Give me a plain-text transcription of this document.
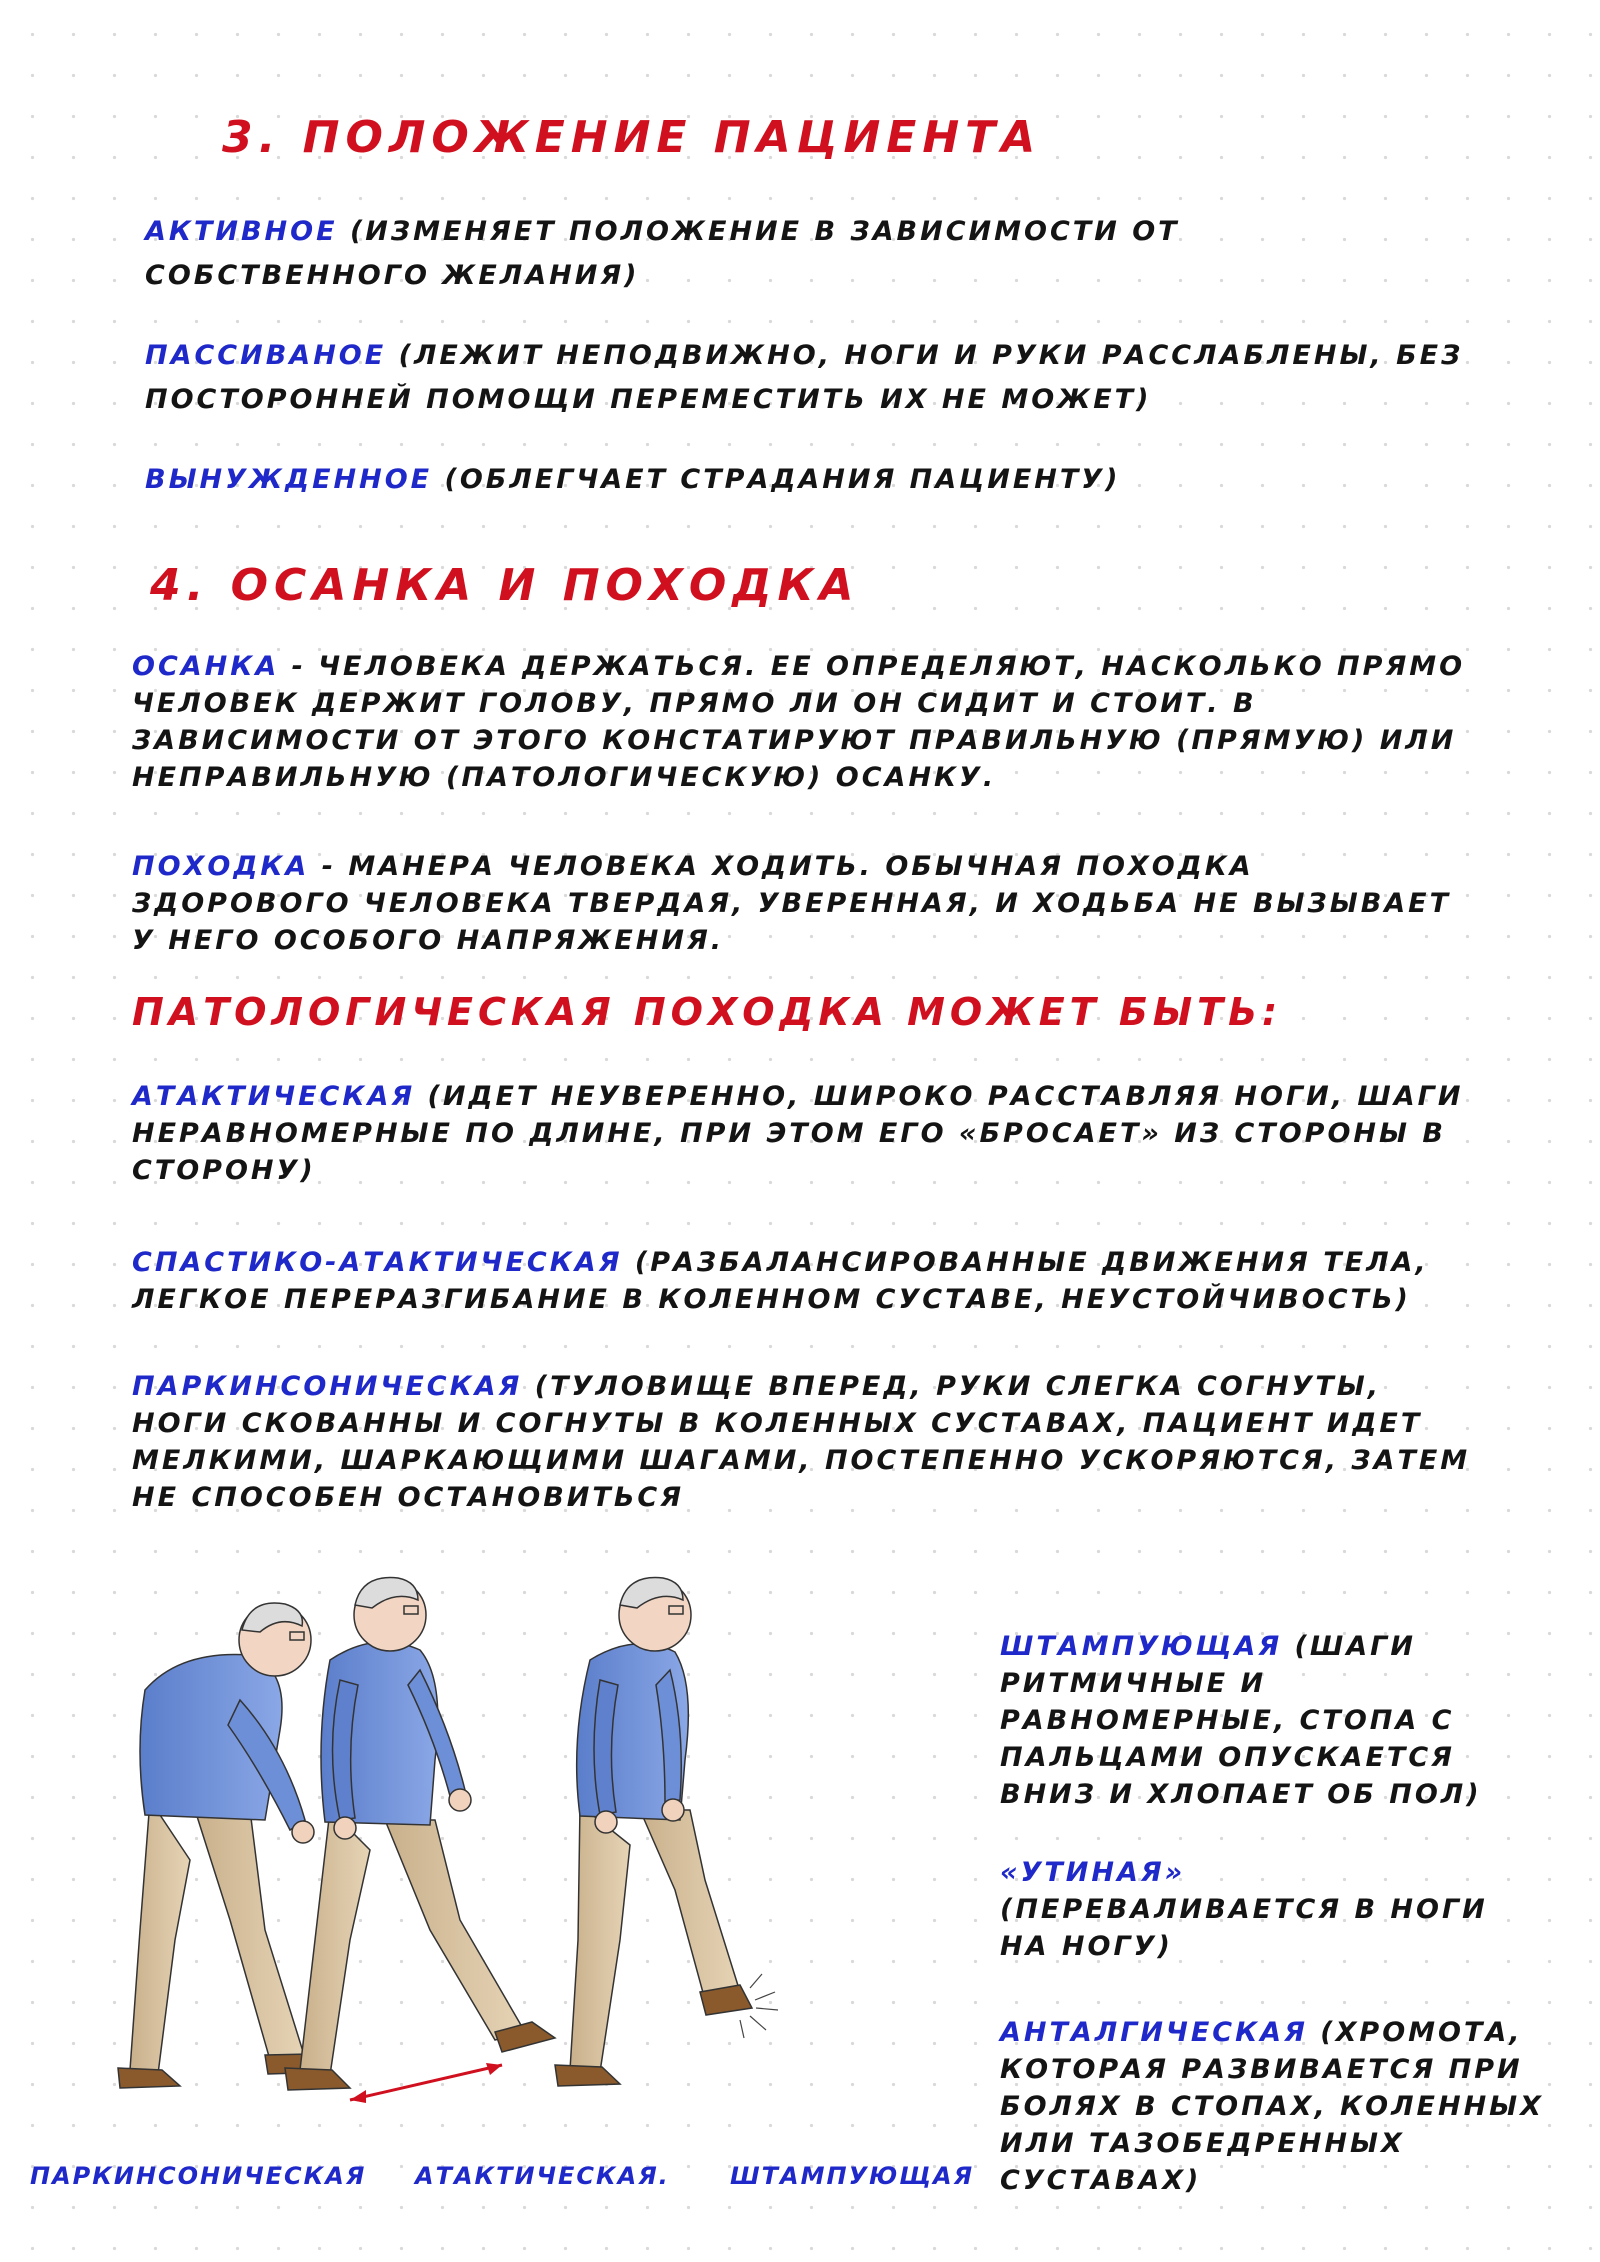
3. ПОЛОЖЕНИЕ ПАЦИЕНТА
АКТИВНОЕ (ИЗМЕНЯЕТ ПОЛОЖЕНИЕ В ЗАВИСИМОСТИ ОТ СОБСТВЕННОГО ЖЕЛАНИЯ)
ПАССИВАНОЕ (ЛЕЖИТ НЕПОДВИЖНО, НОГИ И РУКИ РАССЛАБЛЕНЫ, БЕЗ ПОСТОРОННЕЙ ПОМОЩИ ПЕРЕМЕСТИТЬ ИХ НЕ МОЖЕТ)
ВЫНУЖДЕННОЕ (ОБЛЕГЧАЕТ СТРАДАНИЯ ПАЦИЕНТУ)
4. ОСАНКА И ПОХОДКА
ОСАНКА - ЧЕЛОВЕКА ДЕРЖАТЬСЯ. ЕЕ ОПРЕДЕЛЯЮТ, НАСКОЛЬКО ПРЯМО ЧЕЛОВЕК ДЕРЖИТ ГОЛОВУ, ПРЯМО ЛИ ОН СИДИТ И СТОИТ. В ЗАВИСИМОСТИ ОТ ЭТОГО КОНСТАТИРУЮТ ПРАВИЛЬНУЮ (ПРЯМУЮ) ИЛИ НЕПРАВИЛЬНУЮ (ПАТОЛОГИЧЕСКУЮ) ОСАНКУ.
ПОХОДКА - МАНЕРА ЧЕЛОВЕКА ХОДИТЬ. ОБЫЧНАЯ ПОХОДКА ЗДОРОВОГО ЧЕЛОВЕКА ТВЕРДАЯ, УВЕРЕННАЯ, И ХОДЬБА НЕ ВЫЗЫВАЕТ У НЕГО ОСОБОГО НАПРЯЖЕНИЯ.
ПАТОЛОГИЧЕСКАЯ ПОХОДКА МОЖЕТ БЫТЬ:
АТАКТИЧЕСКАЯ (ИДЕТ НЕУВЕРЕННО, ШИРОКО РАССТАВЛЯЯ НОГИ, ШАГИ НЕРАВНОМЕРНЫЕ ПО ДЛИНЕ, ПРИ ЭТОМ ЕГО «БРОСАЕТ» ИЗ СТОРОНЫ В СТОРОНУ)
СПАСТИКО-АТАКТИЧЕСКАЯ (РАЗБАЛАНСИРОВАННЫЕ ДВИЖЕНИЯ ТЕЛА, ЛЕГКОЕ ПЕРЕРАЗГИБАНИЕ В КОЛЕННОМ СУСТАВЕ, НЕУСТОЙЧИВОСТЬ)
ПАРКИНСОНИЧЕСКАЯ (ТУЛОВИЩЕ ВПЕРЕД, РУКИ СЛЕГКА СОГНУТЫ, НОГИ СКОВАННЫ И СОГНУТЫ В КОЛЕННЫХ СУСТАВАХ, ПАЦИЕНТ ИДЕТ МЕЛКИМИ, ШАРКАЮЩИМИ ШАГАМИ, ПОСТЕПЕННО УСКОРЯЮТСЯ, ЗАТЕМ НЕ СПОСОБЕН ОСТАНОВИТЬСЯ
ПАРКИНСОНИЧЕСКАЯ АТАКТИЧЕСКАЯ.	ШТАМПУЮЩАЯ
ШТАМПУЮЩАЯ (ШАГИ РИТМИЧНЫЕ И РАВНОМЕРНЫЕ, СТОПА С ПАЛЬЦАМИ ОПУСКАЕТСЯ ВНИЗ И ХЛОПАЕТ ОБ ПОЛ)
«УТИНАЯ» (ПЕРЕВАЛИВАЕТСЯ В НОГИ НА НОГУ)
АНТАЛГИЧЕСКАЯ (ХРОМОТА, КОТОРАЯ РАЗВИВАЕТСЯ ПРИ БОЛЯХ В СТОПАХ, КОЛЕННЫХ ИЛИ ТАЗОБЕДРЕННЫХ СУСТАВАХ)
